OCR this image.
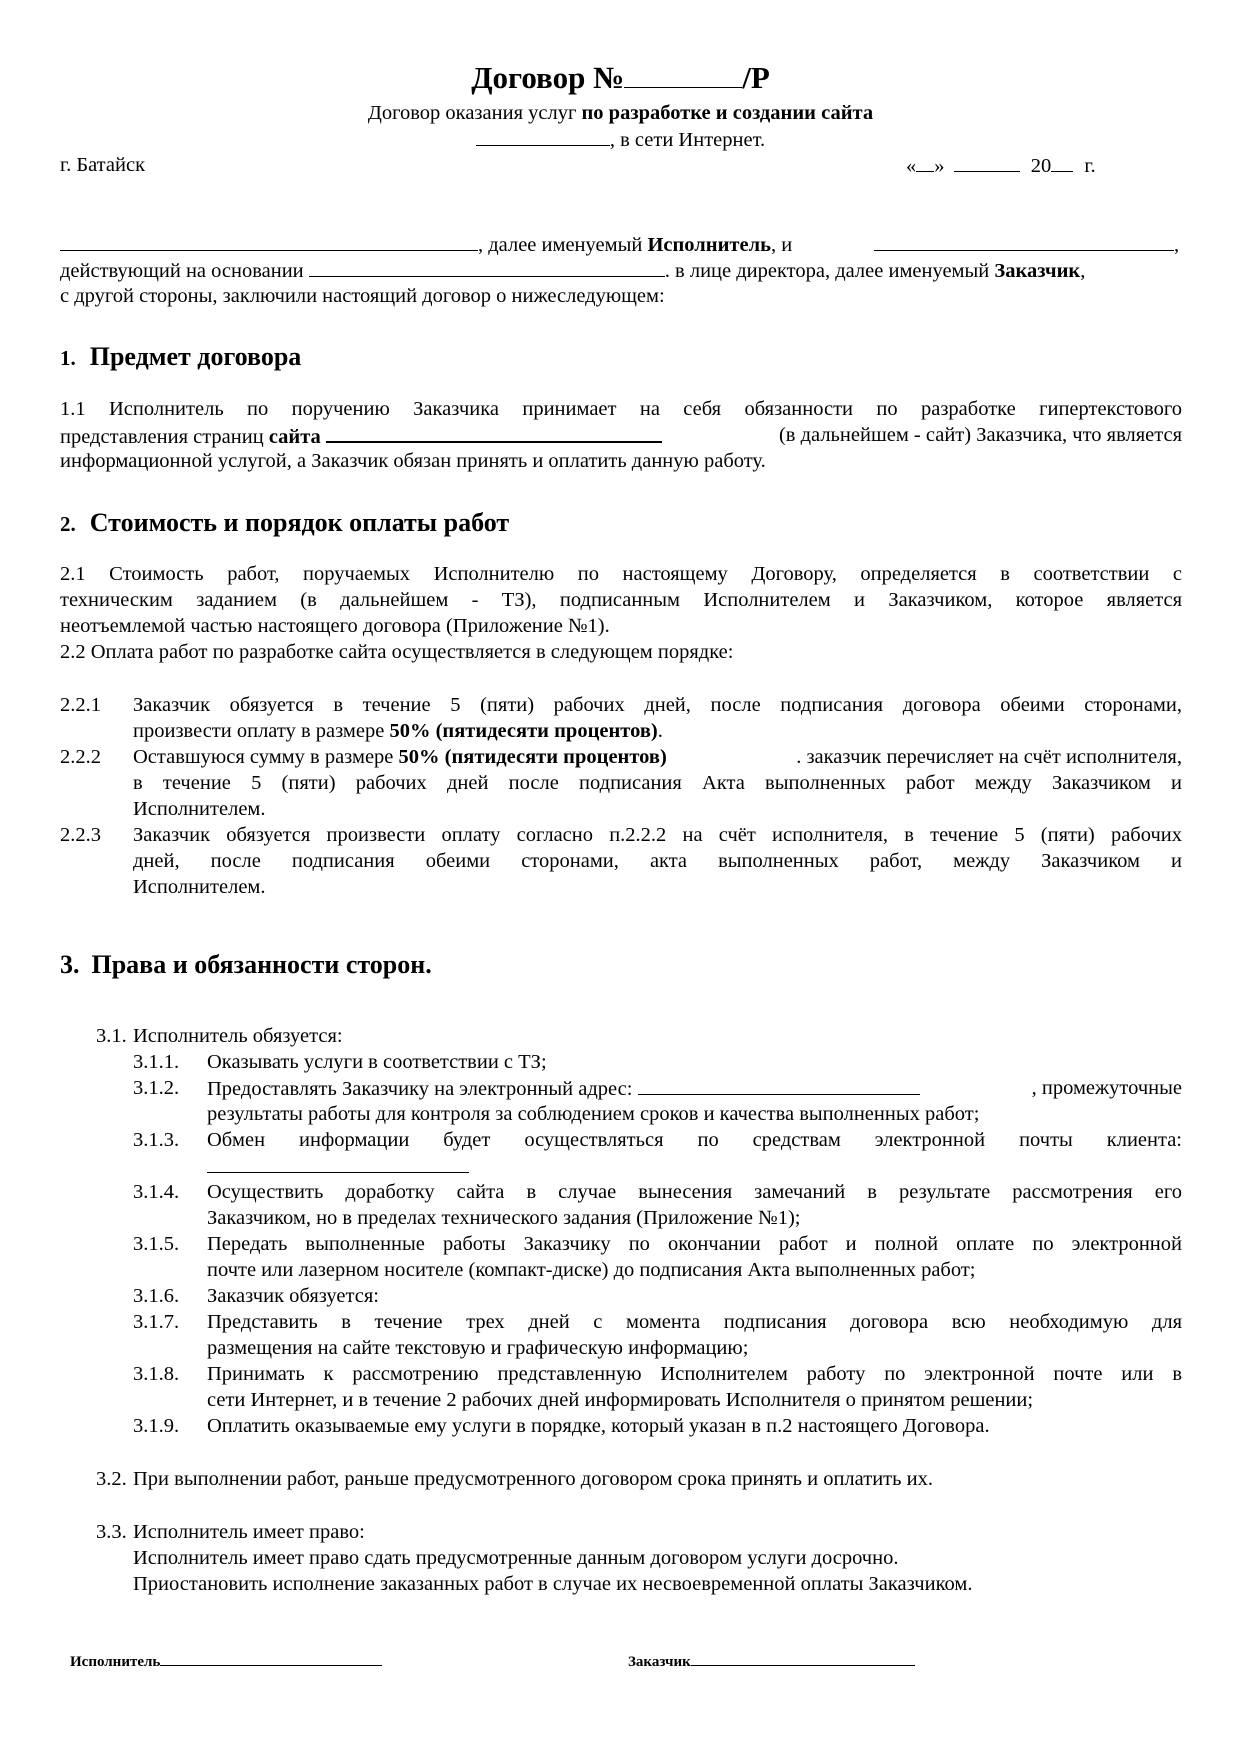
Договор №	/Р
Договор оказания услуг по разработке и создании сайта
, в сети Интернет.
г. Батайск	« »	20 г.
, далее именуемый Исполнитель, и	,
действующий на основании	. в лице директора, далее именуемый Заказчик,
с другой стороны, заключили настоящий договор о нижеследующем:
1. Предмет договора
1.1 Исполнитель по поручению Заказчика принимает на себя обязанности по разработке гипертекстового
представления страниц сайта	(в дальнейшем - сайт) Заказчика, что является
информационной услугой, а Заказчик обязан принять и оплатить данную работу.
2. Стоимость и порядок оплаты работ
2.1 Стоимость работ, поручаемых Исполнителю по настоящему Договору, определяется в соответствии с
техническим заданием (в дальнейшем - ТЗ), подписанным Исполнителем и Заказчиком, которое является
неотъемлемой частью настоящего договора (Приложение №1).
2.2 Оплата работ по разработке сайта осуществляется в следующем порядке:
2.2.1 Заказчик обязуется в течение 5 (пяти) рабочих дней, после подписания договора обеими сторонами,
произвести оплату в размере 50% (пятидесяти процентов).
2.2.2 Оставшуюся сумму в размере 50% (пятидесяти процентов)	. заказчик перечисляет на счёт исполнителя,
в течение 5 (пяти) рабочих дней после подписания Акта выполненных работ между Заказчиком и
Исполнителем.
2.2.3 Заказчик обязуется произвести оплату согласно п.2.2.2 на счёт исполнителя, в течение 5 (пяти) рабочих
дней, после подписания обеими сторонами, акта выполненных работ, между Заказчиком и
Исполнителем.
3. Права и обязанности сторон.
3.1. Исполнитель обязуется:
3.1.1. Оказывать услуги в соответствии с ТЗ;
3.1.2. Предоставлять Заказчику на электронный адрес:	, промежуточные
результаты работы для контроля за соблюдением сроков и качества выполненных работ;
3.1.3. Обмен информации будет осуществляться по средствам электронной почты клиента:
3.1.4. Осуществить доработку сайта в случае вынесения замечаний в результате рассмотрения его
Заказчиком, но в пределах технического задания (Приложение №1);
3.1.5. Передать выполненные работы Заказчику по окончании работ и полной оплате по электронной
почте или лазерном носителе (компакт-диске) до подписания Акта выполненных работ;
3.1.6. Заказчик обязуется:
3.1.7. Представить в течение трех дней с момента подписания договора всю необходимую для
размещения на сайте текстовую и графическую информацию;
3.1.8. Принимать к рассмотрению представленную Исполнителем работу по электронной почте или в
сети Интернет, и в течение 2 рабочих дней информировать Исполнителя о принятом решении;
3.1.9. Оплатить оказываемые ему услуги в порядке, который указан в п.2 настоящего Договора.
3.2. При выполнении работ, раньше предусмотренного договором срока принять и оплатить их.
3.3. Исполнитель имеет право:
Исполнитель имеет право сдать предусмотренные данным договором услуги досрочно.
Приостановить исполнение заказанных работ в случае их несвоевременной оплаты Заказчиком.
Исполнитель	Заказчик
